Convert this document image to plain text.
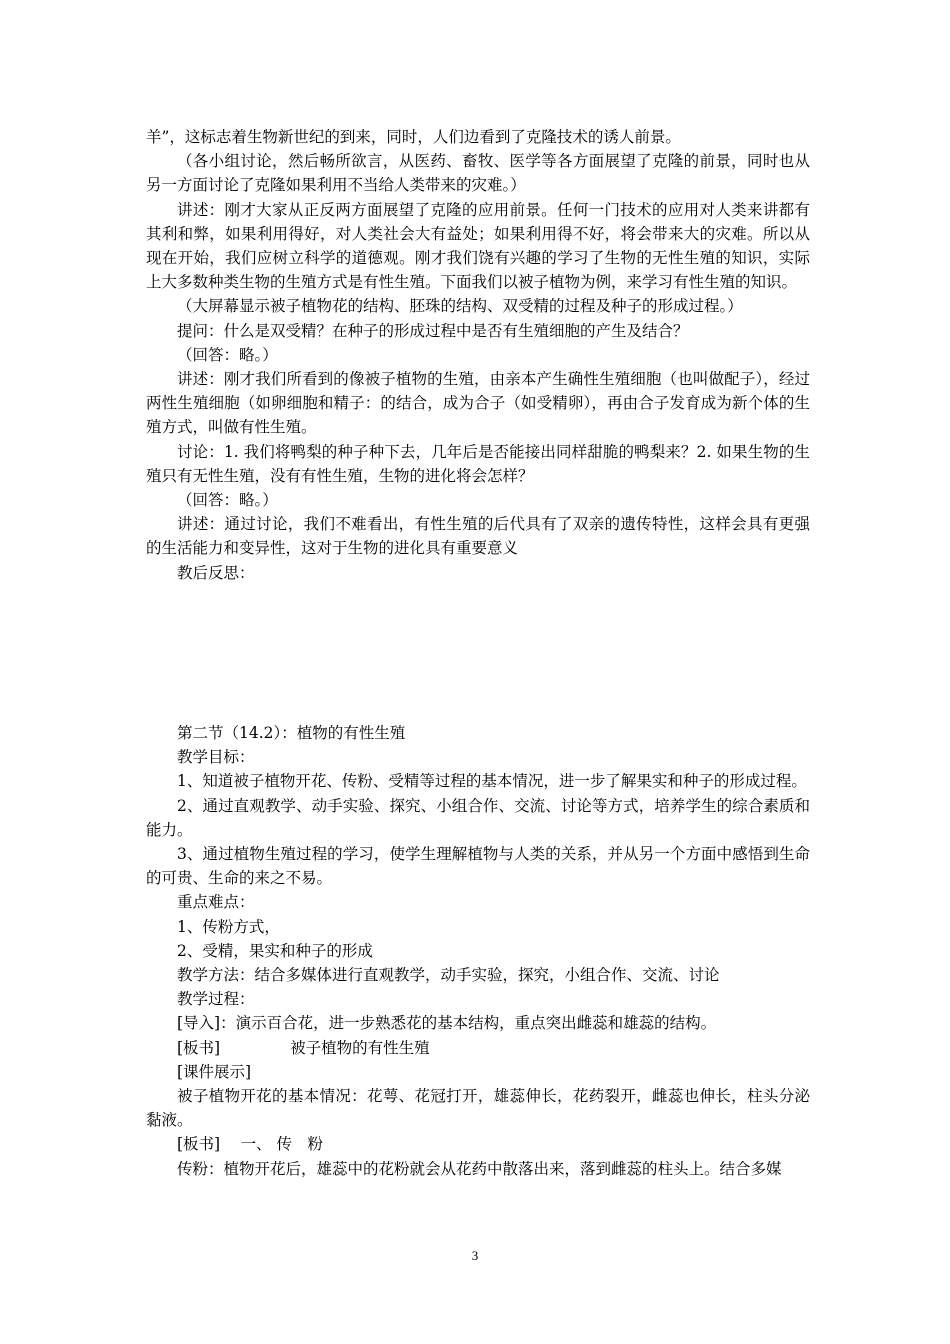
羊”，这标志着生物新世纪的到来，同时，人们边看到了克隆技术的诱人前景。

（各小组讨论，然后畅所欲言，从医药、畜牧、医学等各方面展望了克隆的前景，同时也从另一方面讨论了克隆如果利用不当给人类带来的灾难。）

讲述：刚才大家从正反两方面展望了克隆的应用前景。任何一门技术的应用对人类来讲都有其利和弊，如果利用得好，对人类社会大有益处；如果利用得不好，将会带来大的灾难。所以从现在开始，我们应树立科学的道德观。刚才我们饶有兴趣的学习了生物的无性生殖的知识，实际上大多数种类生物的生殖方式是有性生殖。下面我们以被子植物为例，来学习有性生殖的知识。

（大屏幕显示被子植物花的结构、胚珠的结构、双受精的过程及种子的形成过程。）

提问：什么是双受精？在种子的形成过程中是否有生殖细胞的产生及结合？

（回答：略。）

讲述：刚才我们所看到的像被子植物的生殖，由亲本产生确性生殖细胞（也叫做配子），经过两性生殖细胞（如卵细胞和精子：的结合，成为合子（如受精卵），再由合子发育成为新个体的生殖方式，叫做有性生殖。

讨论：1. 我们将鸭梨的种子种下去，几年后是否能接出同样甜脆的鸭梨来？2. 如果生物的生殖只有无性生殖，没有有性生殖，生物的进化将会怎样？

（回答：略。）

讲述：通过讨论，我们不难看出，有性生殖的后代具有了双亲的遗传特性，这样会具有更强的生活能力和变异性，这对于生物的进化具有重要意义

教后反思：

第二节（14.2）：植物的有性生殖

教学目标：

1、知道被子植物开花、传粉、受精等过程的基本情况，进一步了解果实和种子的形成过程。

2、通过直观教学、动手实验、探究、小组合作、交流、讨论等方式，培养学生的综合素质和能力。

3、通过植物生殖过程的学习，使学生理解植物与人类的关系，并从另一个方面中感悟到生命的可贵、生命的来之不易。

重点难点：

1、传粉方式，

2、受精，果实和种子的形成

教学方法：结合多媒体进行直观教学，动手实验，探究，小组合作、交流、讨论

教学过程：

[导入]：演示百合花，进一步熟悉花的基本结构，重点突出雌蕊和雄蕊的结构。

[板书]	被子植物的有性生殖

[课件展示]

被子植物开花的基本情况：花萼、花冠打开，雄蕊伸长，花药裂开，雌蕊也伸长，柱头分泌黏液。

[板书]　 一、 传　粉

传粉：植物开花后，雄蕊中的花粉就会从花药中散落出来，落到雌蕊的柱头上。结合多媒

3
